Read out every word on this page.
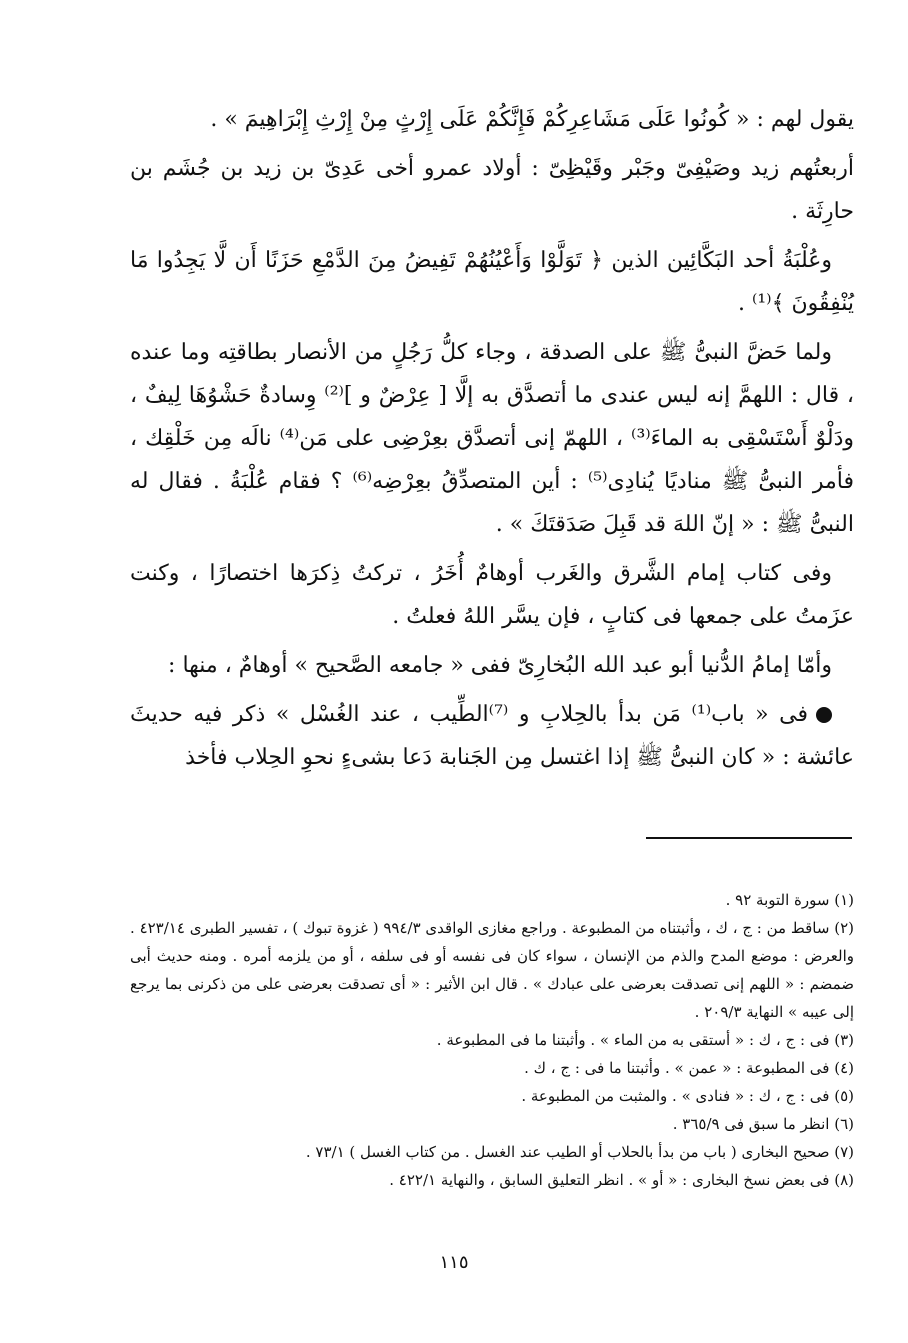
يقول لهم : « كُونُوا عَلَى مَشَاعِرِكُمْ فَإِنَّكُمْ عَلَى إِرْثٍ مِنْ إِرْثِ إِبْرَاهِيمَ » .

أربعتُهم زيد وصَيْفِىّ وجَبْر وقَيْظِىّ : أولاد عمرو أخى عَدِىّ بن زيد بن جُشَم بن حارِثَة .

وعُلْبَةُ أحد البَكَّائِين الذين ﴿ تَوَلَّوْا وَأَعْيُنُهُمْ تَفِيضُ مِنَ الدَّمْعِ حَزَنًا أَن لَّا يَجِدُوا مَا يُنْفِقُونَ ﴾⁽¹⁾ .

ولما حَضَّ النبىُّ ﷺ على الصدقة ، وجاء كلُّ رَجُلٍ من الأنصار بطاقتِه وما عنده ، قال : اللهمَّ إنه ليس عندى ما أتصدَّق به إلَّا [ عِرْضٌ و ]⁽²⁾ وِسادةٌ حَشْوُهَا لِيفٌ ، ودَلْوٌ أَسْتَسْقِى به الماءَ⁽³⁾ ، اللهمّ إنى أتصدَّق بعِرْضِى على مَن⁽⁴⁾ نالَه مِن خَلْقِك ، فأمر النبىُّ ﷺ مناديًا يُنادِى⁽⁵⁾ : أين المتصدِّقُ بعِرْضِه⁽⁶⁾ ؟ فقام عُلْبَةُ . فقال له النبىُّ ﷺ : « إنّ اللهَ قد قَبِلَ صَدَقتَكَ » .

وفى كتاب إمام الشَّرق والغَرب أوهامٌ أُخَرُ ، تركتُ ذِكرَها اختصارًا ، وكنت عزَمتُ على جمعها فى كتابٍ ، فإن يسَّر اللهُ فعلتُ .

وأمّا إمامُ الدُّنيا أبو عبد الله البُخارِىّ ففى « جامعه الصَّحيح » أوهامٌ ، منها :

فى « باب⁽¹⁾ مَن بدأ بالحِلابِ و ⁽⁷⁾الطِّيب ، عند الغُسْل » ذكر فيه حديثَ عائشة : « كان النبىُّ ﷺ إذا اغتسل مِن الجَنابة دَعا بشىءٍ نحوِ الحِلاب فأخذ

(١) سورة التوبة ٩٢ .

(٢) ساقط من : ج ، ك ، وأثبتناه من المطبوعة . وراجع مغازى الواقدى ٩٩٤/٣ ( غزوة تبوك ) ، تفسير الطبرى ٤٢٣/١٤ . والعرض : موضع المدح والذم من الإنسان ، سواء كان فى نفسه أو فى سلفه ، أو من يلزمه أمره . ومنه حديث أبى ضمضم : « اللهم إنى تصدقت بعرضى على عبادك » . قال ابن الأثير : « أى تصدقت بعرضى على من ذكرنى بما يرجع إلى عيبه » النهاية ٢٠٩/٣ .

(٣) فى : ج ، ك : « أستقى به من الماء » . وأثبتنا ما فى المطبوعة .

(٤) فى المطبوعة : « عمن » . وأثبتنا ما فى : ج ، ك .

(٥) فى : ج ، ك : « فنادى » . والمثبت من المطبوعة .

(٦) انظر ما سبق فى ٣٦٥/٩ .

(٧) صحيح البخارى ( باب من بدأ بالحلاب أو الطيب عند الغسل . من كتاب الغسل ) ٧٣/١ .

(٨) فى بعض نسخ البخارى : « أو » . انظر التعليق السابق ، والنهاية ٤٢٢/١ .

١١٥
